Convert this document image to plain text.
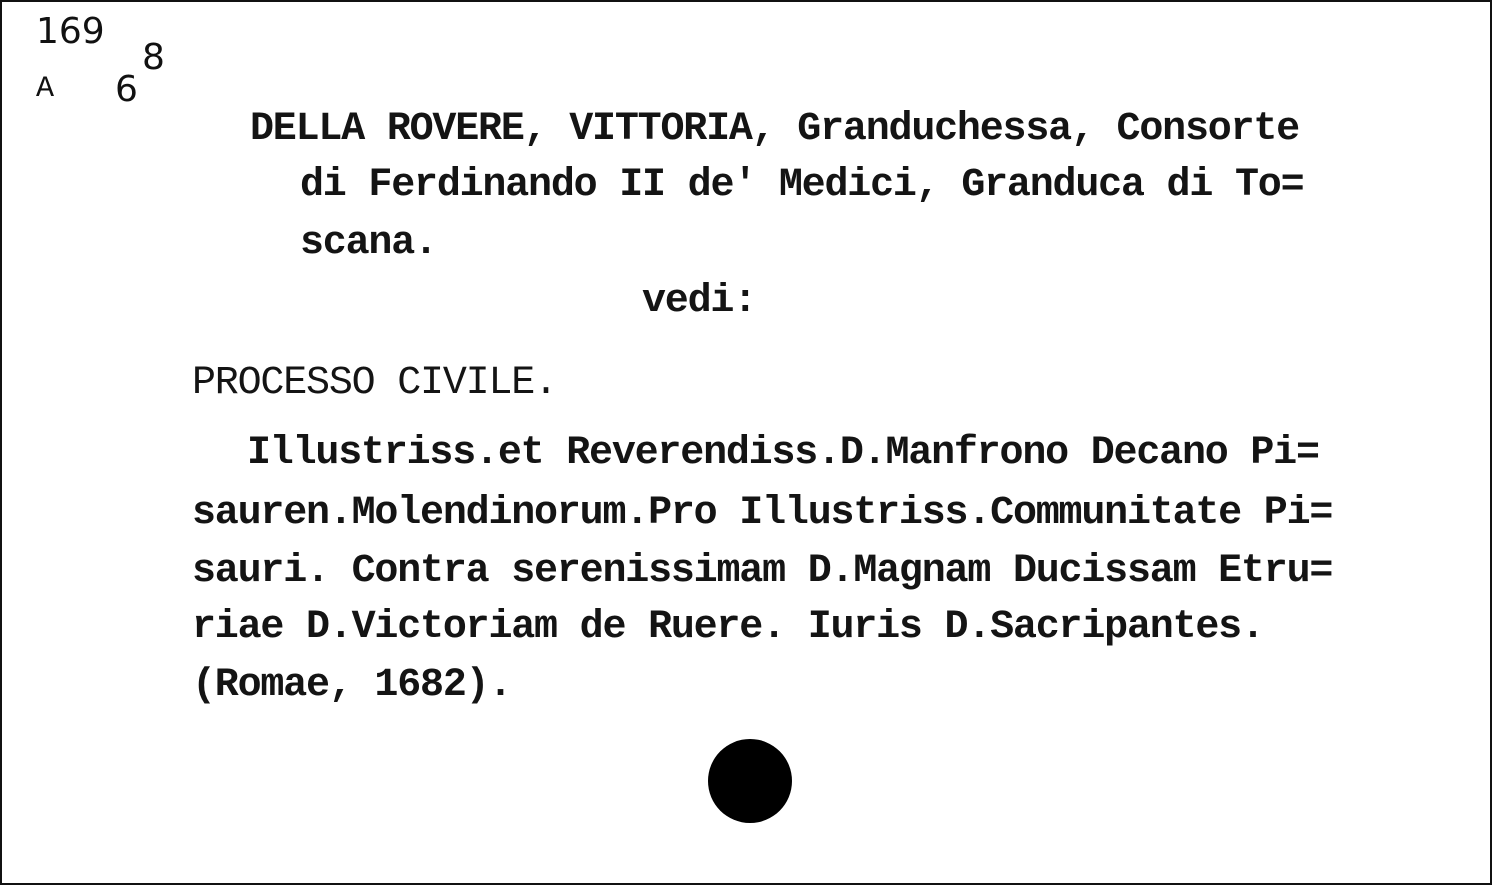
169
A 6
8
DELLA ROVERE, VITTORIA, Granduchessa, Consorte
di Ferdinando II de' Medici, Granduca di To=
scana.
vedi:
PROCESSO CIVILE.
Illustriss.et Reverendiss.D.Manfrono Decano Pi=
sauren.Molendinorum.Pro Illustriss.Communitate Pi=
sauri. Contra serenissimam D.Magnam Ducissam Etru=
riae D.Victoriam de Ruere. Iuris D.Sacripantes.
(Romae, 1682).
